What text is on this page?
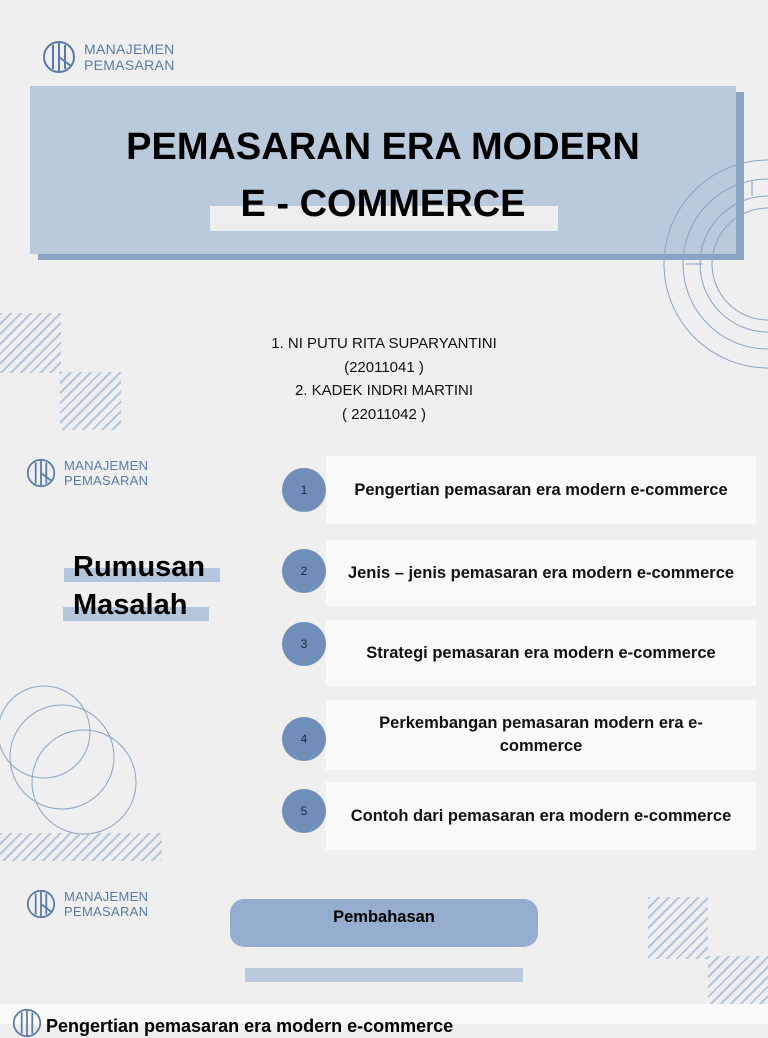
MANAJEMEN
PEMASARAN
PEMASARAN ERA MODERN
E - COMMERCE
1. NI PUTU RITA SUPARYANTINI
(22011041 )
2. KADEK INDRI MARTINI
( 22011042 )
MANAJEMEN
PEMASARAN
Rumusan
Masalah
Pengertian pemasaran era modern e-commerce
1
Jenis – jenis pemasaran era modern e-commerce
2
Strategi pemasaran era modern e-commerce
3
Perkembangan pemasaran modern era e-commerce
4
Contoh dari pemasaran era modern e-commerce
5
MANAJEMEN
PEMASARAN	Pembahasan
Pengertian pemasaran era modern e-commerce
